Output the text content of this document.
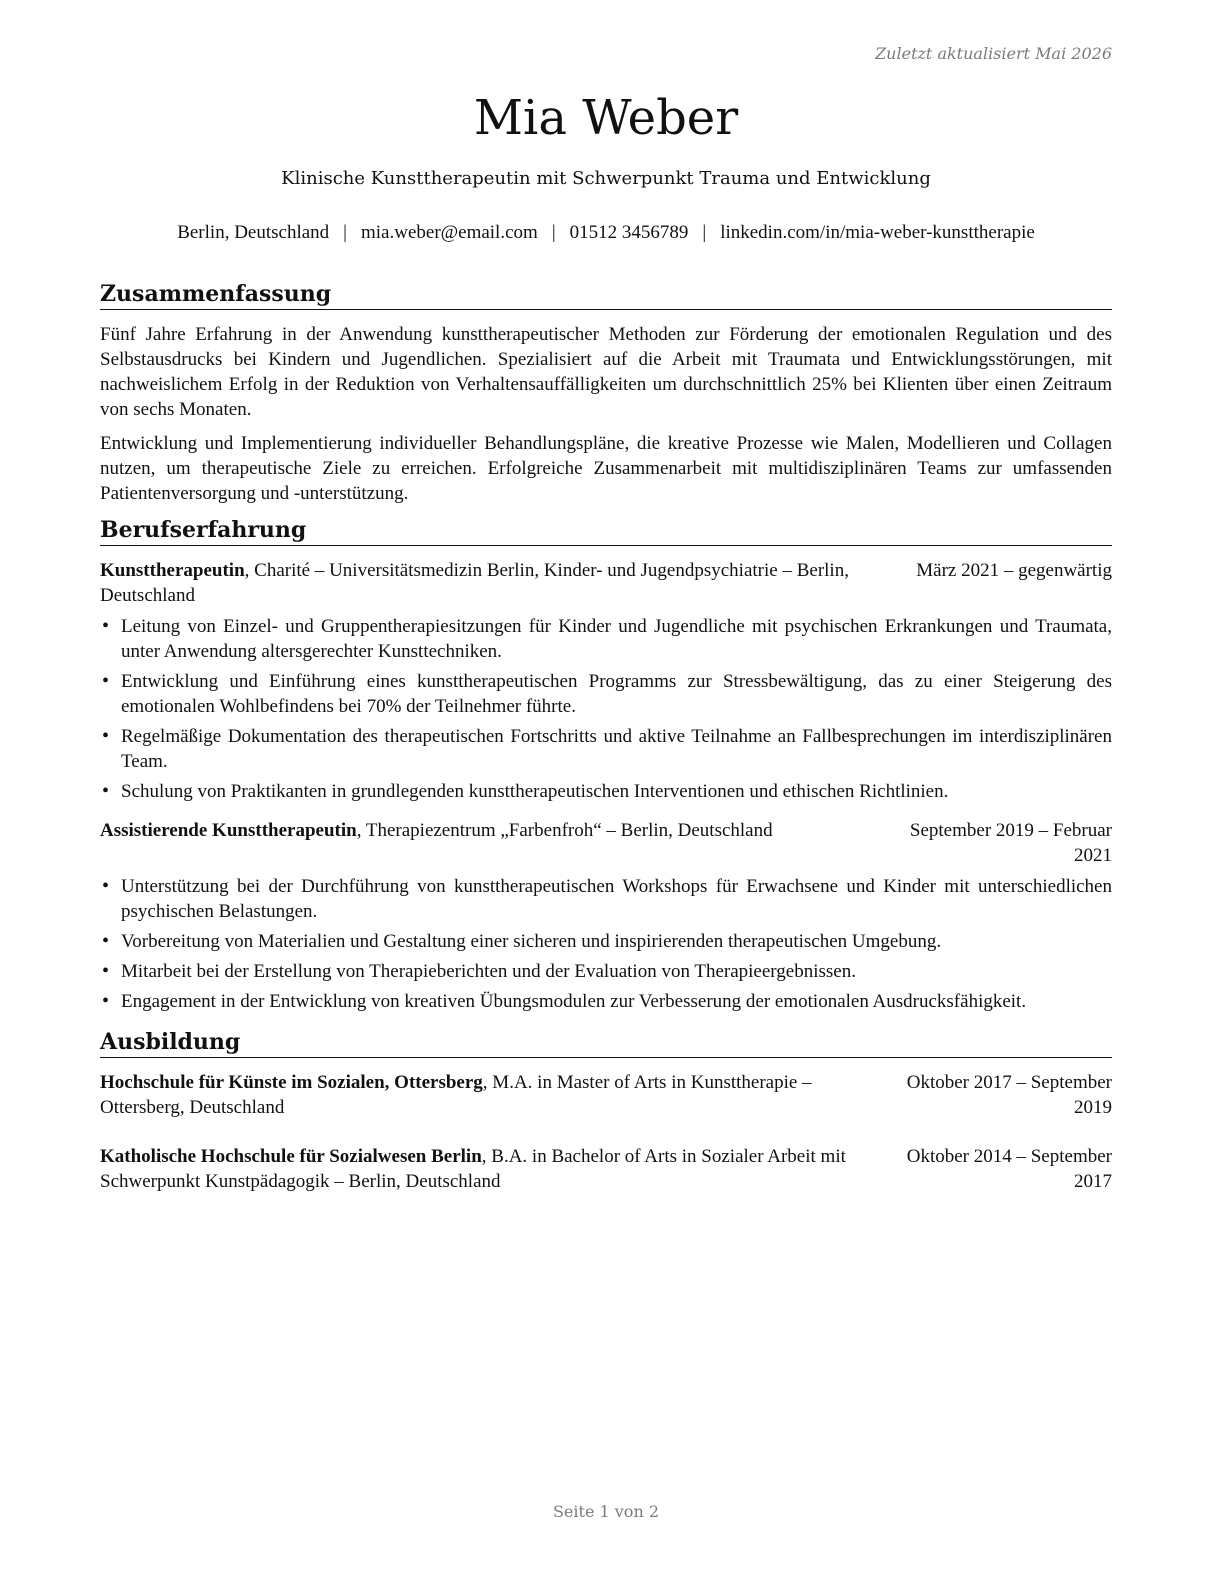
Zuletzt aktualisiert Mai 2026
Mia Weber
Klinische Kunsttherapeutin mit Schwerpunkt Trauma und Entwicklung
Berlin, Deutschland | mia.weber@email.com | 01512 3456789 | linkedin.com/in/mia-weber-kunsttherapie
Zusammenfassung

Fünf Jahre Erfahrung in der Anwendung kunsttherapeutischer Methoden zur Förderung der emotionalen Regulation und des Selbstausdrucks bei Kindern und Jugendlichen. Spezialisiert auf die Arbeit mit Traumata und Entwicklungsstörungen, mit nachweislichem Erfolg in der Reduktion von Verhaltensauffälligkeiten um durchschnittlich 25% bei Klienten über einen Zeitraum von sechs Monaten.

Entwicklung und Implementierung individueller Behandlungspläne, die kreative Prozesse wie Malen, Modellieren und Collagen nutzen, um therapeutische Ziele zu erreichen. Erfolgreiche Zusammenarbeit mit multidisziplinären Teams zur umfassenden Patientenversorgung und -unterstützung.

Berufserfahrung
Kunsttherapeutin, Charité – Universitätsmedizin Berlin, Kinder- und Jugendpsychiatrie – Berlin, Deutschland
März 2021 – gegenwärtig
• Leitung von Einzel- und Gruppentherapiesitzungen für Kinder und Jugendliche mit psychischen Erkrankungen und Traumata, unter Anwendung altersgerechter Kunsttechniken.
• Entwicklung und Einführung eines kunsttherapeutischen Programms zur Stressbewältigung, das zu einer Steigerung des emotionalen Wohlbefindens bei 70% der Teilnehmer führte.
• Regelmäßige Dokumentation des therapeutischen Fortschritts und aktive Teilnahme an Fallbesprechungen im interdisziplinären Team.
• Schulung von Praktikanten in grundlegenden kunsttherapeutischen Interventionen und ethischen Richtlinien.
Assistierende Kunsttherapeutin, Therapiezentrum „Farbenfroh“ – Berlin, Deutschland	September 2019 – Februar 2021
• Unterstützung bei der Durchführung von kunsttherapeutischen Workshops für Erwachsene und Kinder mit unterschiedlichen psychischen Belastungen.
• Vorbereitung von Materialien und Gestaltung einer sicheren und inspirierenden therapeutischen Umgebung.
• Mitarbeit bei der Erstellung von Therapieberichten und der Evaluation von Therapieergebnissen.
• Engagement in der Entwicklung von kreativen Übungsmodulen zur Verbesserung der emotionalen Ausdrucksfähigkeit.
Ausbildung
Hochschule für Künste im Sozialen, Ottersberg, M.A. in Master of Arts in Kunsttherapie – Ottersberg, Deutschland
Oktober 2017 – September 2019
Katholische Hochschule für Sozialwesen Berlin, B.A. in Bachelor of Arts in Sozialer Arbeit mit Schwerpunkt Kunstpädagogik – Berlin, Deutschland
Oktober 2014 – September 2017
Seite 1 von 2
